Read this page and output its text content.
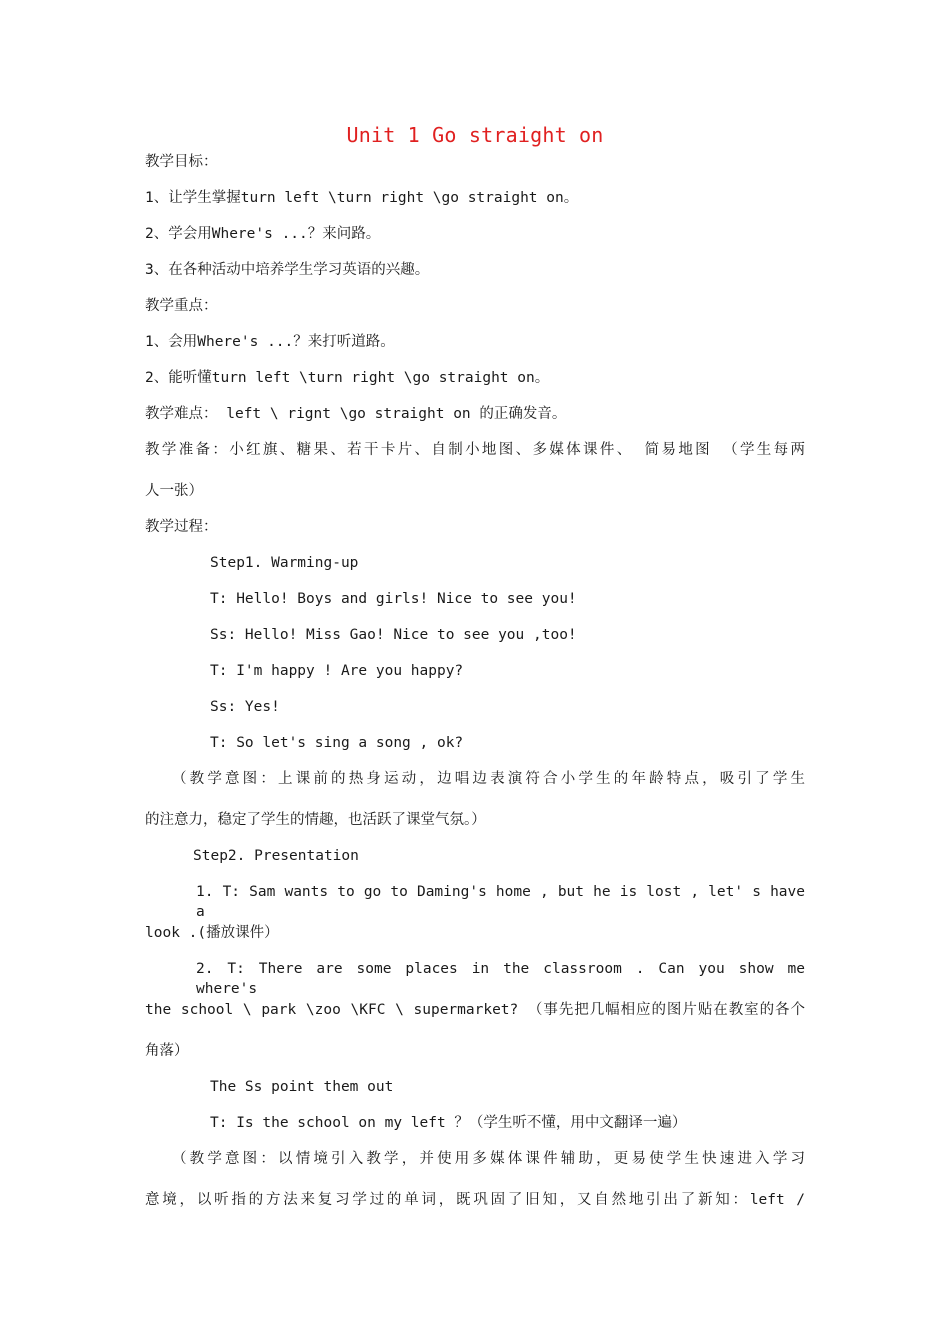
Unit 1 Go straight on
教学目标：
1、让学生掌握turn left \turn right \go straight on。
2、学会用Where's ...？来问路。
3、在各种活动中培养学生学习英语的兴趣。
教学重点：
1、会用Where's ...？来打听道路。
2、能听懂turn left \turn right \go straight on。
教学难点： left \ rignt \go straight on 的正确发音。
教学准备：小红旗、糖果、若干卡片、自制小地图、多媒体课件、 简易地图 （学生每两
人一张）
教学过程：
Step1. Warming-up
T: Hello! Boys and girls! Nice to see you!
Ss: Hello! Miss Gao! Nice to see you ,too!
T: I'm happy ! Are you happy?
Ss: Yes!
T: So let's sing a song , ok?
（教学意图：上课前的热身运动，边唱边表演符合小学生的年龄特点，吸引了学生
的注意力，稳定了学生的情趣，也活跃了课堂气氛。）
Step2. Presentation
1. T: Sam wants to go to Daming's home , but he is lost , let' s have a
look .(播放课件）
2. T: There are some places in the classroom . Can you show me where's
the school \ park \zoo \KFC \ supermarket? （事先把几幅相应的图片贴在教室的各个
角落）
The Ss point them out
T: Is the school on my left ？（学生听不懂，用中文翻译一遍）
（教学意图：以情境引入教学，并使用多媒体课件辅助，更易使学生快速进入学习
意境，以听指的方法来复习学过的单词，既巩固了旧知，又自然地引出了新知：left /
